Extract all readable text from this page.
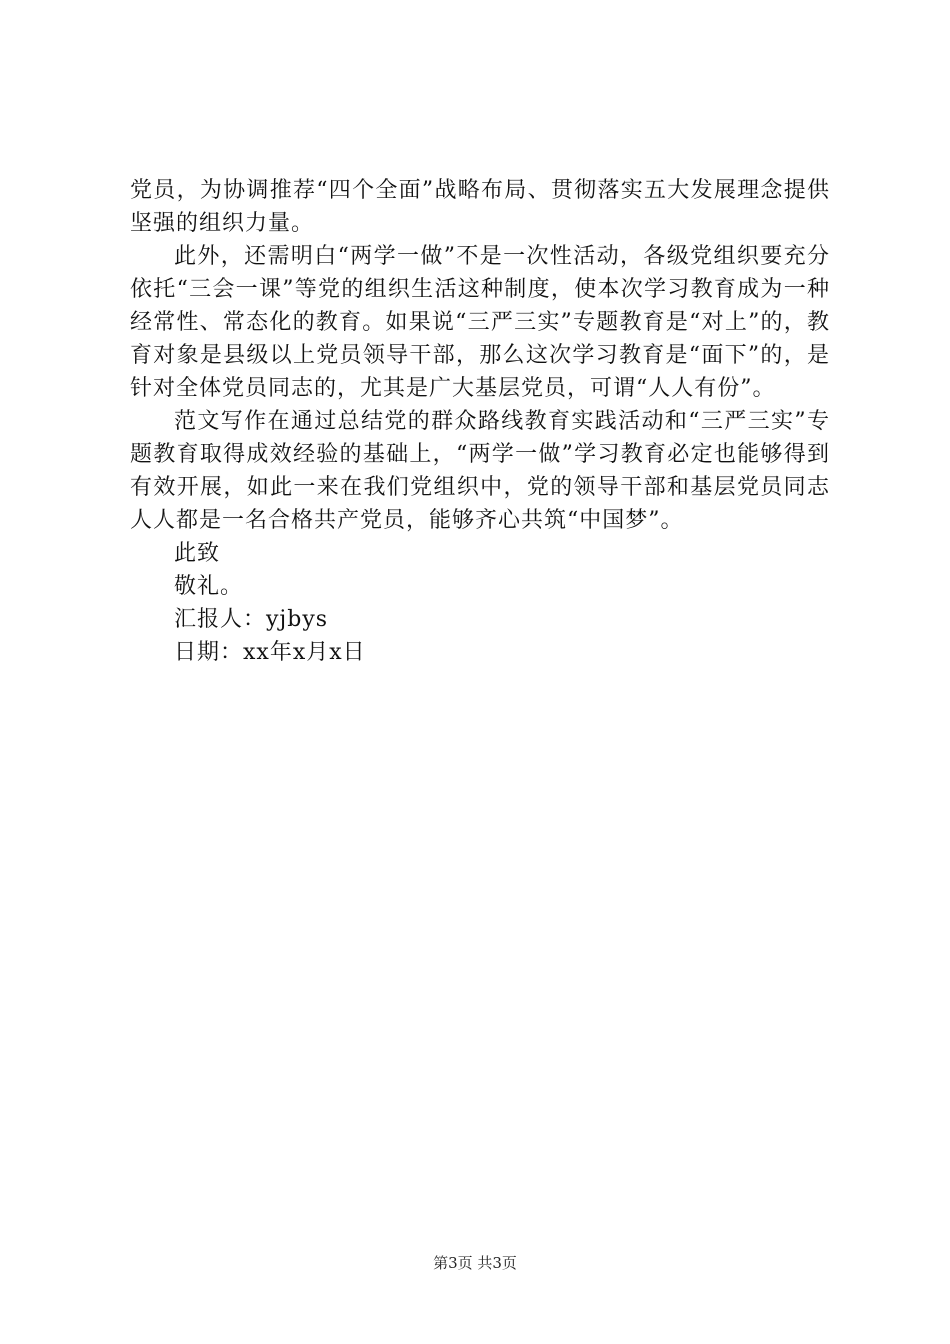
党员，为协调推荐“四个全面”战略布局、贯彻落实五大发展理念提供坚强的组织力量。

此外，还需明白“两学一做”不是一次性活动，各级党组织要充分依托“三会一课”等党的组织生活这种制度，使本次学习教育成为一种经常性、常态化的教育。如果说“三严三实”专题教育是“对上”的，教育对象是县级以上党员领导干部，那么这次学习教育是“面下”的，是针对全体党员同志的，尤其是广大基层党员，可谓“人人有份”。

范文写作在通过总结党的群众路线教育实践活动和“三严三实”专题教育取得成效经验的基础上，“两学一做”学习教育必定也能够得到有效开展，如此一来在我们党组织中，党的领导干部和基层党员同志人人都是一名合格共产党员，能够齐心共筑“中国梦”。

此致
敬礼。
汇报人：yjbys
日期：xx年x月x日
第3页 共3页
